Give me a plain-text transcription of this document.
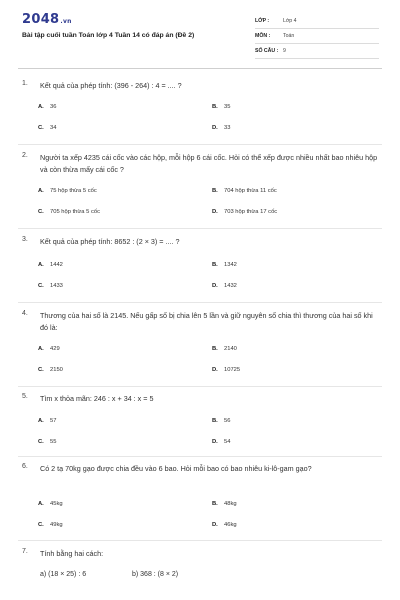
2048.vn
Bài tập cuối tuần Toán lớp 4 Tuần 14 có đáp án (Đề 2)
LỚP :	Lớp 4
MÔN : Toán
SỐ CÂU : 9
1. Kết quả của phép tính: (396 - 264) : 4 = .... ?
A. 36	B. 35
C. 34	D. 33
2. Người ta xếp 4235 cái cốc vào các hộp, mỗi hộp 6 cái cốc. Hỏi có thể xếp được nhiều nhất bao nhiêu hộp và còn thừa mấy cái cốc ?
A. 75 hộp thừa 5 cốc	B. 704 hộp thừa 11 cốc
C. 705 hộp thừa 5 cốc	D. 703 hộp thừa 17 cốc
3. Kết quả của phép tính: 8652 : (2 × 3) = .... ?
A. 1442	B. 1342
C. 1433	D. 1432
4. Thương của hai số là 2145. Nếu gấp số bị chia lên 5 lần và giữ nguyên số chia thì thương của hai số khi đó là:
A. 429	B. 2140
C. 2150	D. 10725
5. Tìm x thỏa mãn: 246 : x + 34 : x = 5
A. 57	B. 56
C. 55	D. 54
6. Có 2 tạ 70kg gạo được chia đều vào 6 bao. Hỏi mỗi bao có bao nhiêu ki-lô-gam gạo?
A. 45kg	B. 48kg
C. 49kg	D. 46kg
7. Tính bằng hai cách:
a) (18 × 25) : 6	b) 368 : (8 × 2)
